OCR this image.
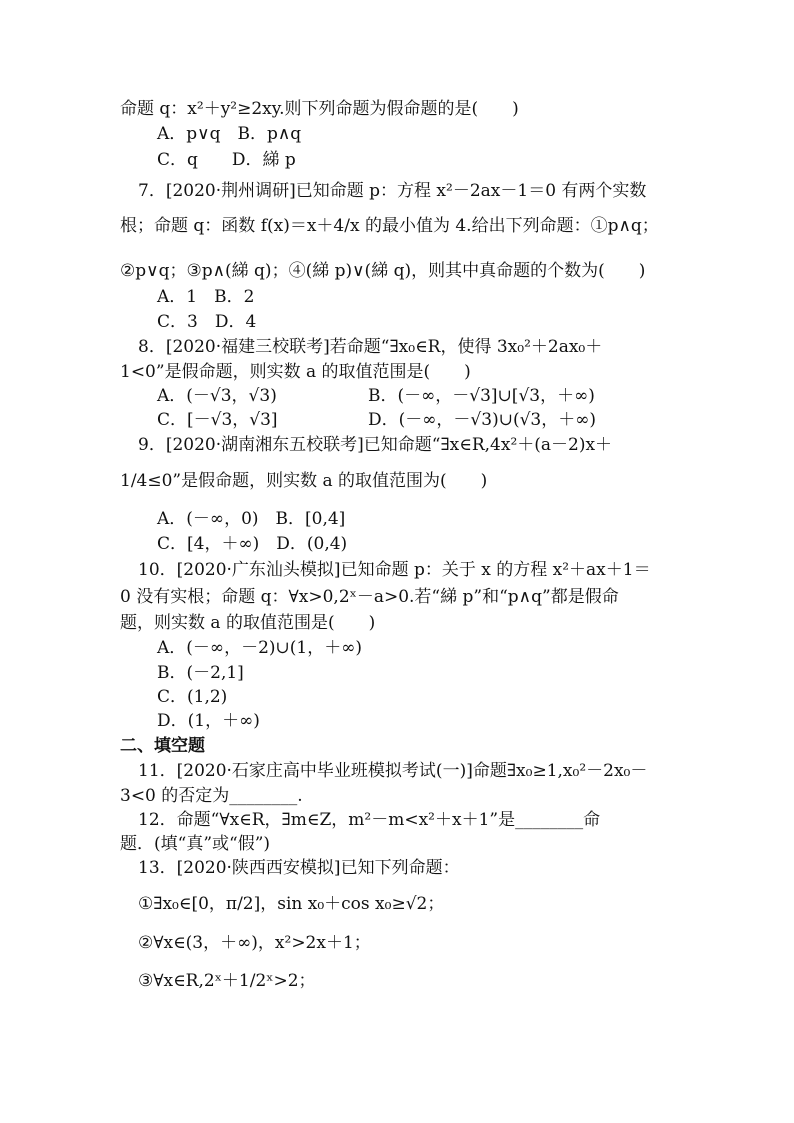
命题 q：x²＋y²≥2xy.则下列命题为假命题的是(　　)
A．p∨q　B．p∧q
C．q　　D．綈 p
7．[2020·荆州调研]已知命题 p：方程 x²－2ax－1＝0 有两个实数
根；命题 q：函数 f(x)＝x＋4/x 的最小值为 4.给出下列命题：①p∧q；
②p∨q；③p∧(綈 q)；④(綈 p)∨(綈 q)，则其中真命题的个数为(　　)
A．1　B．2
C．3　D．4
8．[2020·福建三校联考]若命题“∃x₀∈R，使得 3x₀²＋2ax₀＋
1<0”是假命题，则实数 a 的取值范围是(　　)
A．(－√3，√3)	B．(－∞，－√3]∪[√3，＋∞)
C．[－√3，√3]	D．(－∞，－√3)∪(√3，＋∞)
9．[2020·湖南湘东五校联考]已知命题“∃x∈R,4x²＋(a－2)x＋
1/4≤0”是假命题，则实数 a 的取值范围为(　　)
A．(－∞，0)　B．[0,4]
C．[4，＋∞)　D．(0,4)
10．[2020·广东汕头模拟]已知命题 p：关于 x 的方程 x²＋ax＋1＝
0 没有实根；命题 q：∀x>0,2ˣ－a>0.若“綈 p”和“p∧q”都是假命
题，则实数 a 的取值范围是(　　)
A．(－∞，－2)∪(1，＋∞)
B．(－2,1]
C．(1,2)
D．(1，＋∞)
二、填空题
11．[2020·石家庄高中毕业班模拟考试(一)]命题∃x₀≥1,x₀²－2x₀－
3<0 的否定为________.
12．命题“∀x∈R，∃m∈Z，m²－m<x²＋x＋1”是________命
题．(填“真”或“假”)
13．[2020·陕西西安模拟]已知下列命题：
①∃x₀∈[0，π/2]，sin x₀＋cos x₀≥√2；
②∀x∈(3，＋∞)，x²>2x＋1；
③∀x∈R,2ˣ＋1/2ˣ>2；
